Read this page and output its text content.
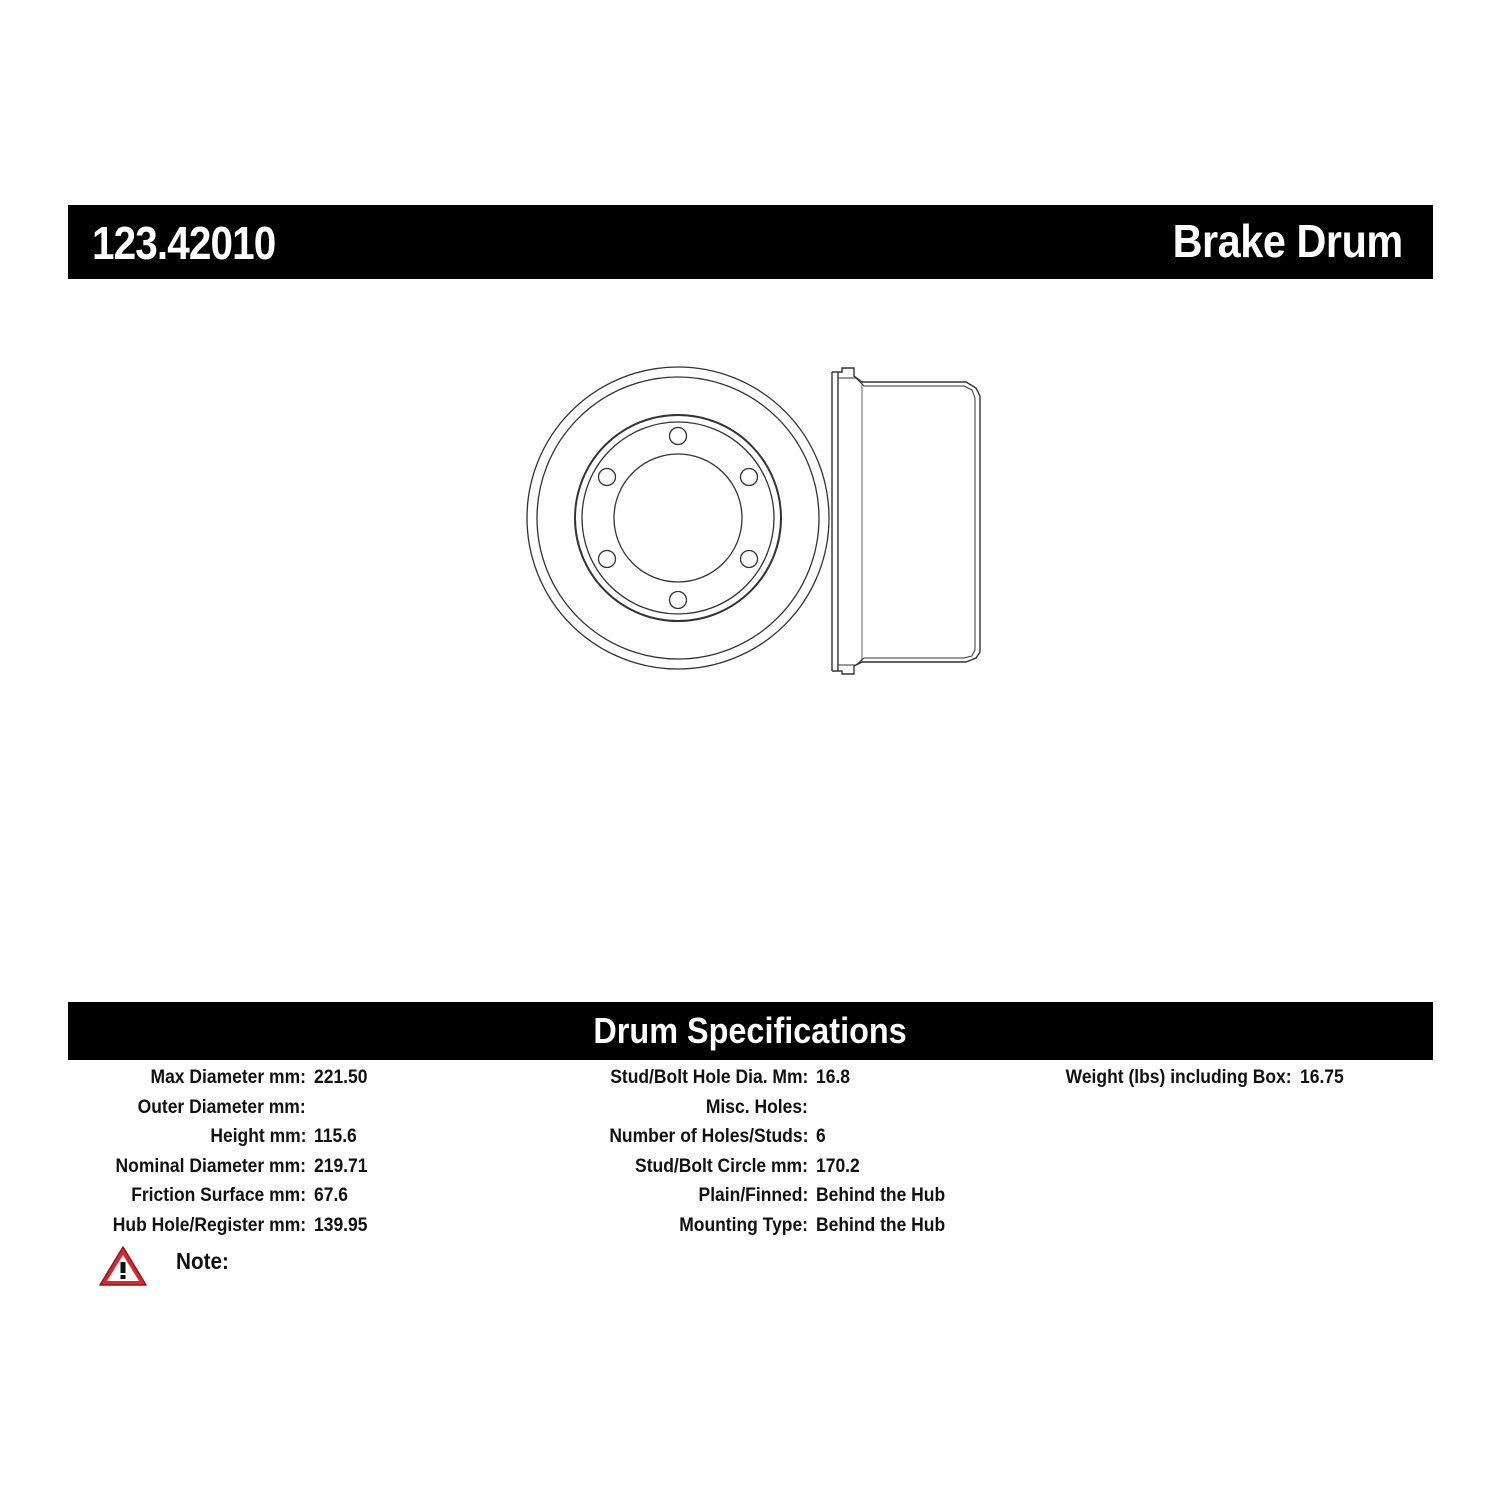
123.42010	Brake Drum
Drum Specifications
Max Diameter mm: 221.50
Outer Diameter mm:
Height mm: 115.6
Nominal Diameter mm: 219.71
Friction Surface mm: 67.6
Hub Hole/Register mm: 139.95
Stud/Bolt Hole Dia. Mm: 16.8
Misc. Holes:
Number of Holes/Studs: 6
Stud/Bolt Circle mm: 170.2
Plain/Finned: Behind the Hub
Mounting Type: Behind the Hub
Weight (lbs) including Box: 16.75
Note:
